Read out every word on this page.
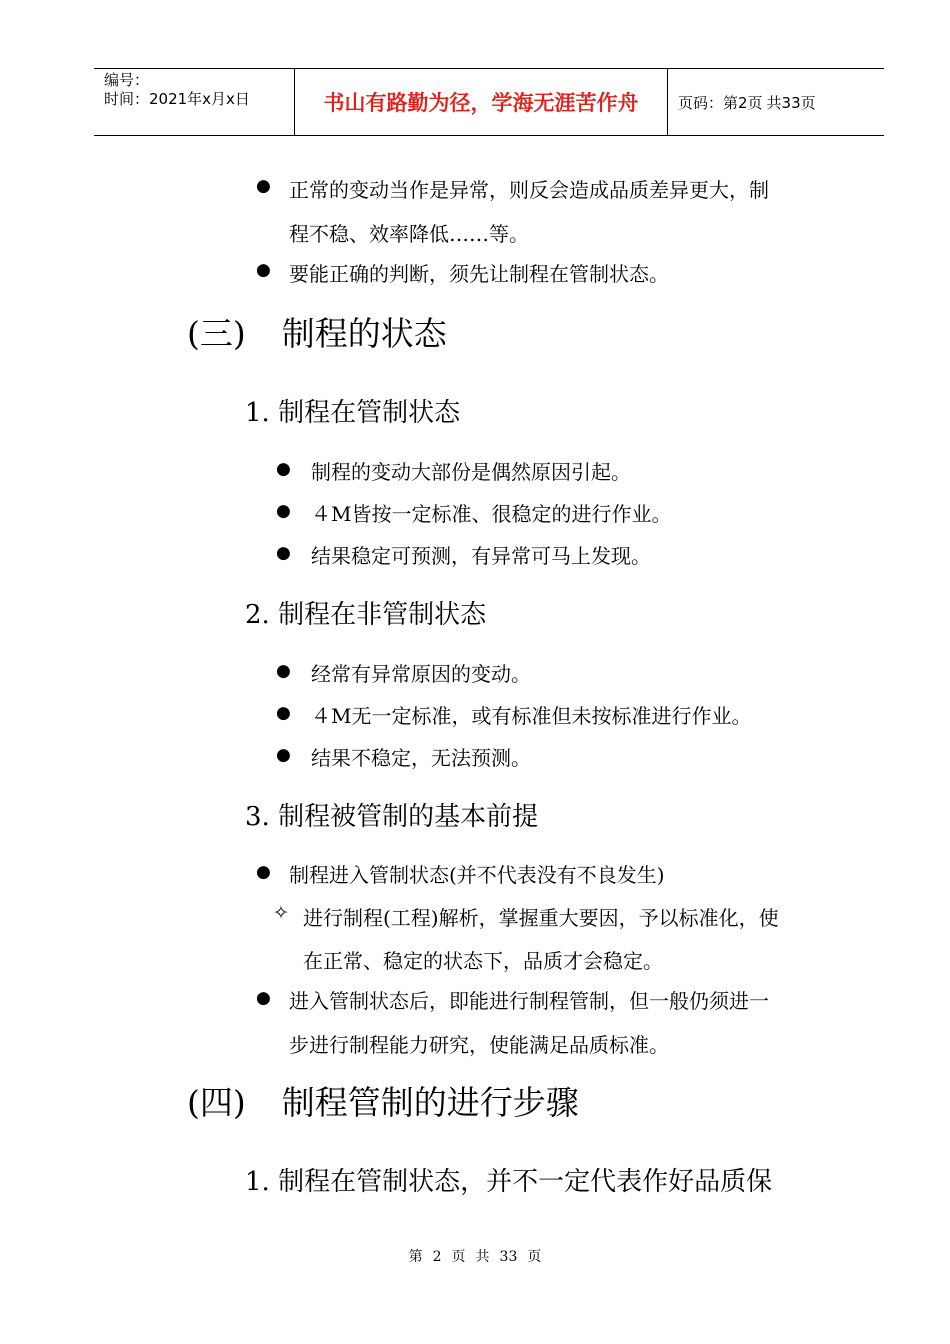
编号：
时间：2021年x月x日	书山有路勤为径，学海无涯苦作舟	页码：第2页 共33页
● 正常的变动当作是异常，则反会造成品质差异更大，制
程不稳、效率降低……等。
● 要能正确的判断，须先让制程在管制状态。
(三) 制程的状态
1. 制程在管制状态
● 制程的变动大部份是偶然原因引起。
● ４M皆按一定标准、很稳定的进行作业。
● 结果稳定可预测，有异常可马上发现。
2. 制程在非管制状态
● 经常有异常原因的变动。
● ４M无一定标准，或有标准但未按标准进行作业。
● 结果不稳定，无法预测。
3. 制程被管制的基本前提
● 制程进入管制状态(并不代表没有不良发生)
✧ 进行制程(工程)解析，掌握重大要因，予以标准化，使
在正常、稳定的状态下，品质才会稳定。
● 进入管制状态后，即能进行制程管制，但一般仍须进一
步进行制程能力研究，使能满足品质标准。
(四) 制程管制的进行步骤
1. 制程在管制状态，并不一定代表作好品质保
第 2 页 共 33 页
